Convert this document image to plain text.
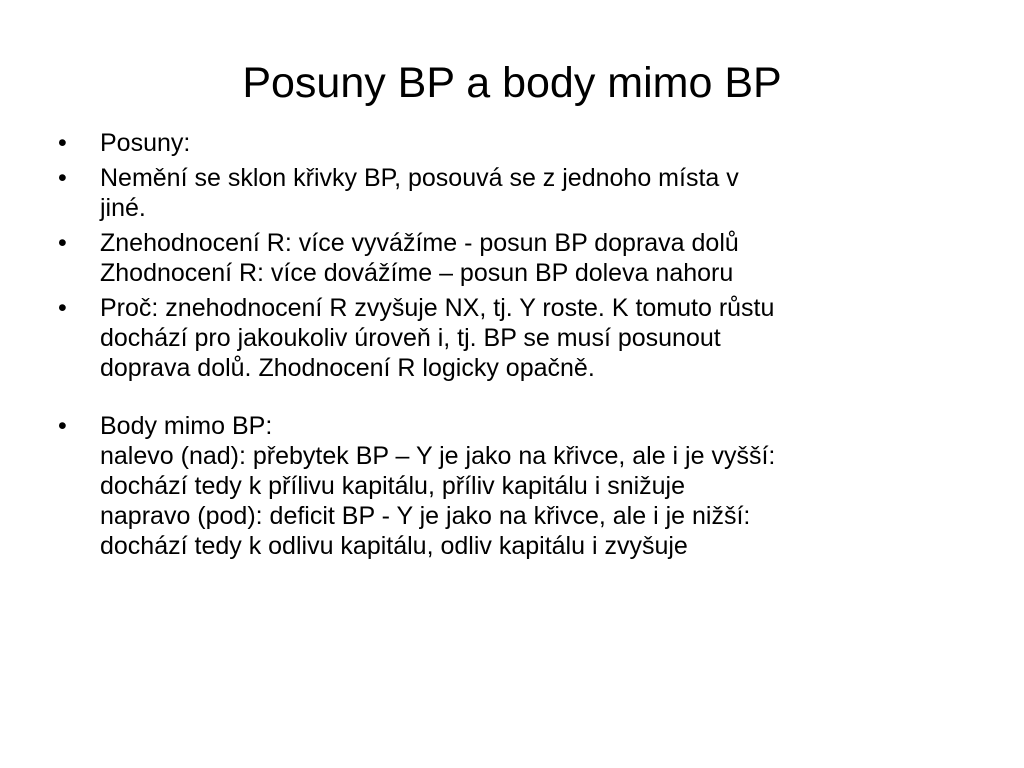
Posuny BP a body mimo BP
•	Posuny:
•	Nemění se sklon křivky BP, posouvá se z jednoho místa v
jiné.
•	Znehodnocení R: více vyvážíme - posun BP doprava dolů
Zhodnocení R: více dovážíme – posun BP doleva nahoru
•	Proč: znehodnocení R zvyšuje NX, tj. Y roste. K tomuto růstu
dochází pro jakoukoliv úroveň i, tj. BP se musí posunout
doprava dolů. Zhodnocení R logicky opačně.
•	Body mimo BP:
nalevo (nad): přebytek BP – Y je jako na křivce, ale i je vyšší:
dochází tedy k přílivu kapitálu, příliv kapitálu i snižuje
napravo (pod): deficit BP - Y je jako na křivce, ale i je nižší:
dochází tedy k odlivu kapitálu, odliv kapitálu i zvyšuje
